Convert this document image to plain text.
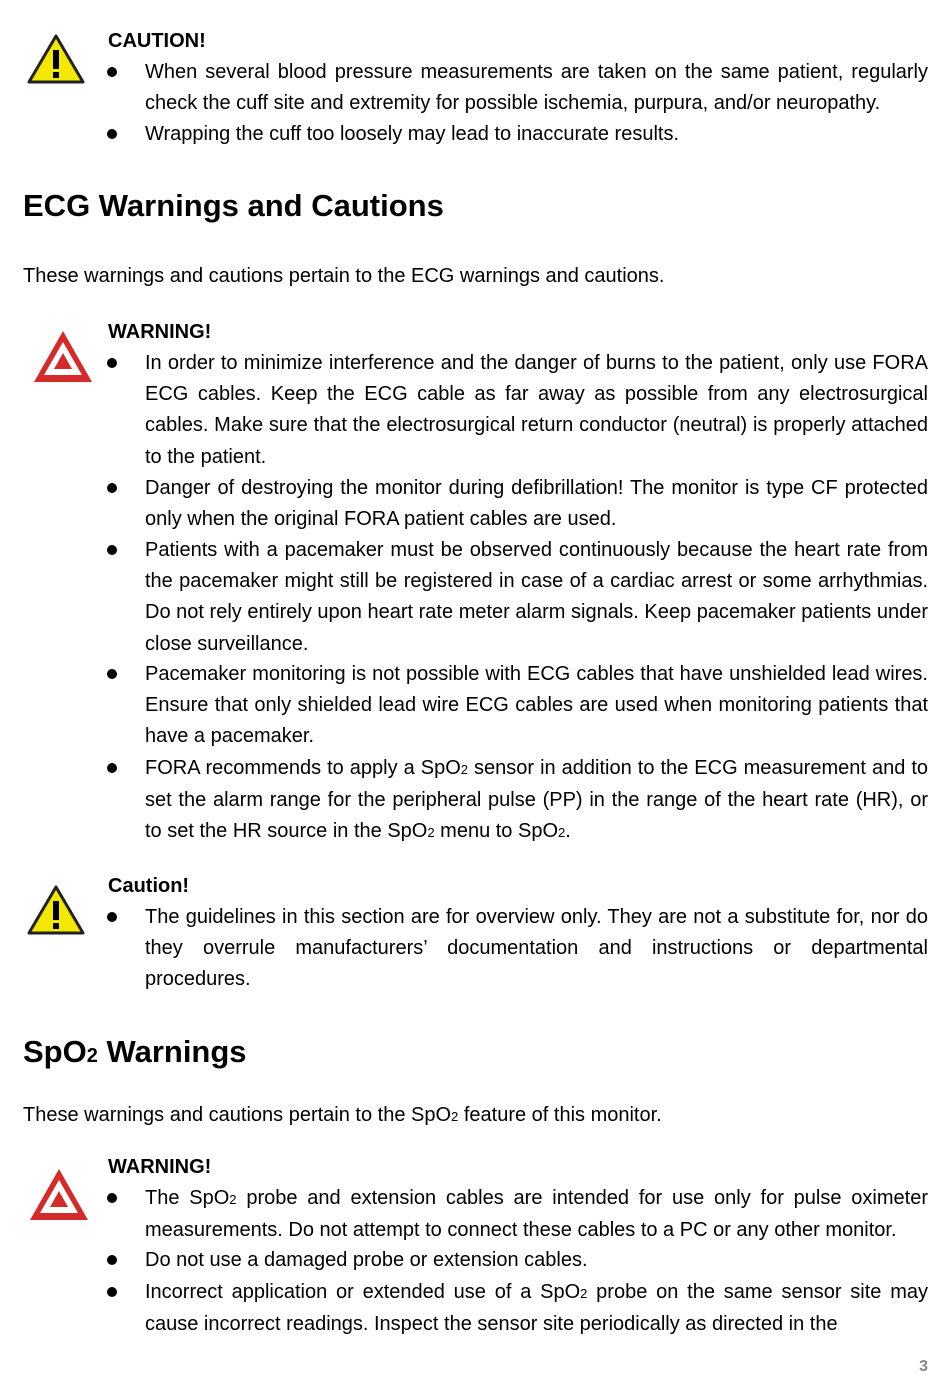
CAUTION!
When several blood pressure measurements are taken on the same patient, regularly check the cuff site and extremity for possible ischemia, purpura, and/or neuropathy.
Wrapping the cuff too loosely may lead to inaccurate results.
ECG Warnings and Cautions
These warnings and cautions pertain to the ECG warnings and cautions.
WARNING!
In order to minimize interference and the danger of burns to the patient, only use FORA ECG cables. Keep the ECG cable as far away as possible from any electrosurgical cables. Make sure that the electrosurgical return conductor (neutral) is properly attached to the patient.
Danger of destroying the monitor during defibrillation! The monitor is type CF protected only when the original FORA patient cables are used.
Patients with a pacemaker must be observed continuously because the heart rate from the pacemaker might still be registered in case of a cardiac arrest or some arrhythmias. Do not rely entirely upon heart rate meter alarm signals. Keep pacemaker patients under close surveillance.
Pacemaker monitoring is not possible with ECG cables that have unshielded lead wires. Ensure that only shielded lead wire ECG cables are used when monitoring patients that have a pacemaker.
FORA recommends to apply a SpO2 sensor in addition to the ECG measurement and to set the alarm range for the peripheral pulse (PP) in the range of the heart rate (HR), or to set the HR source in the SpO2 menu to SpO2.
Caution!
The guidelines in this section are for overview only. They are not a substitute for, nor do they overrule manufacturers’ documentation and instructions or departmental procedures.
SpO2 Warnings
These warnings and cautions pertain to the SpO2 feature of this monitor.
WARNING!
The SpO2 probe and extension cables are intended for use only for pulse oximeter measurements. Do not attempt to connect these cables to a PC or any other monitor.
Do not use a damaged probe or extension cables.
Incorrect application or extended use of a SpO2 probe on the same sensor site may cause incorrect readings. Inspect the sensor site periodically as directed in the
3
